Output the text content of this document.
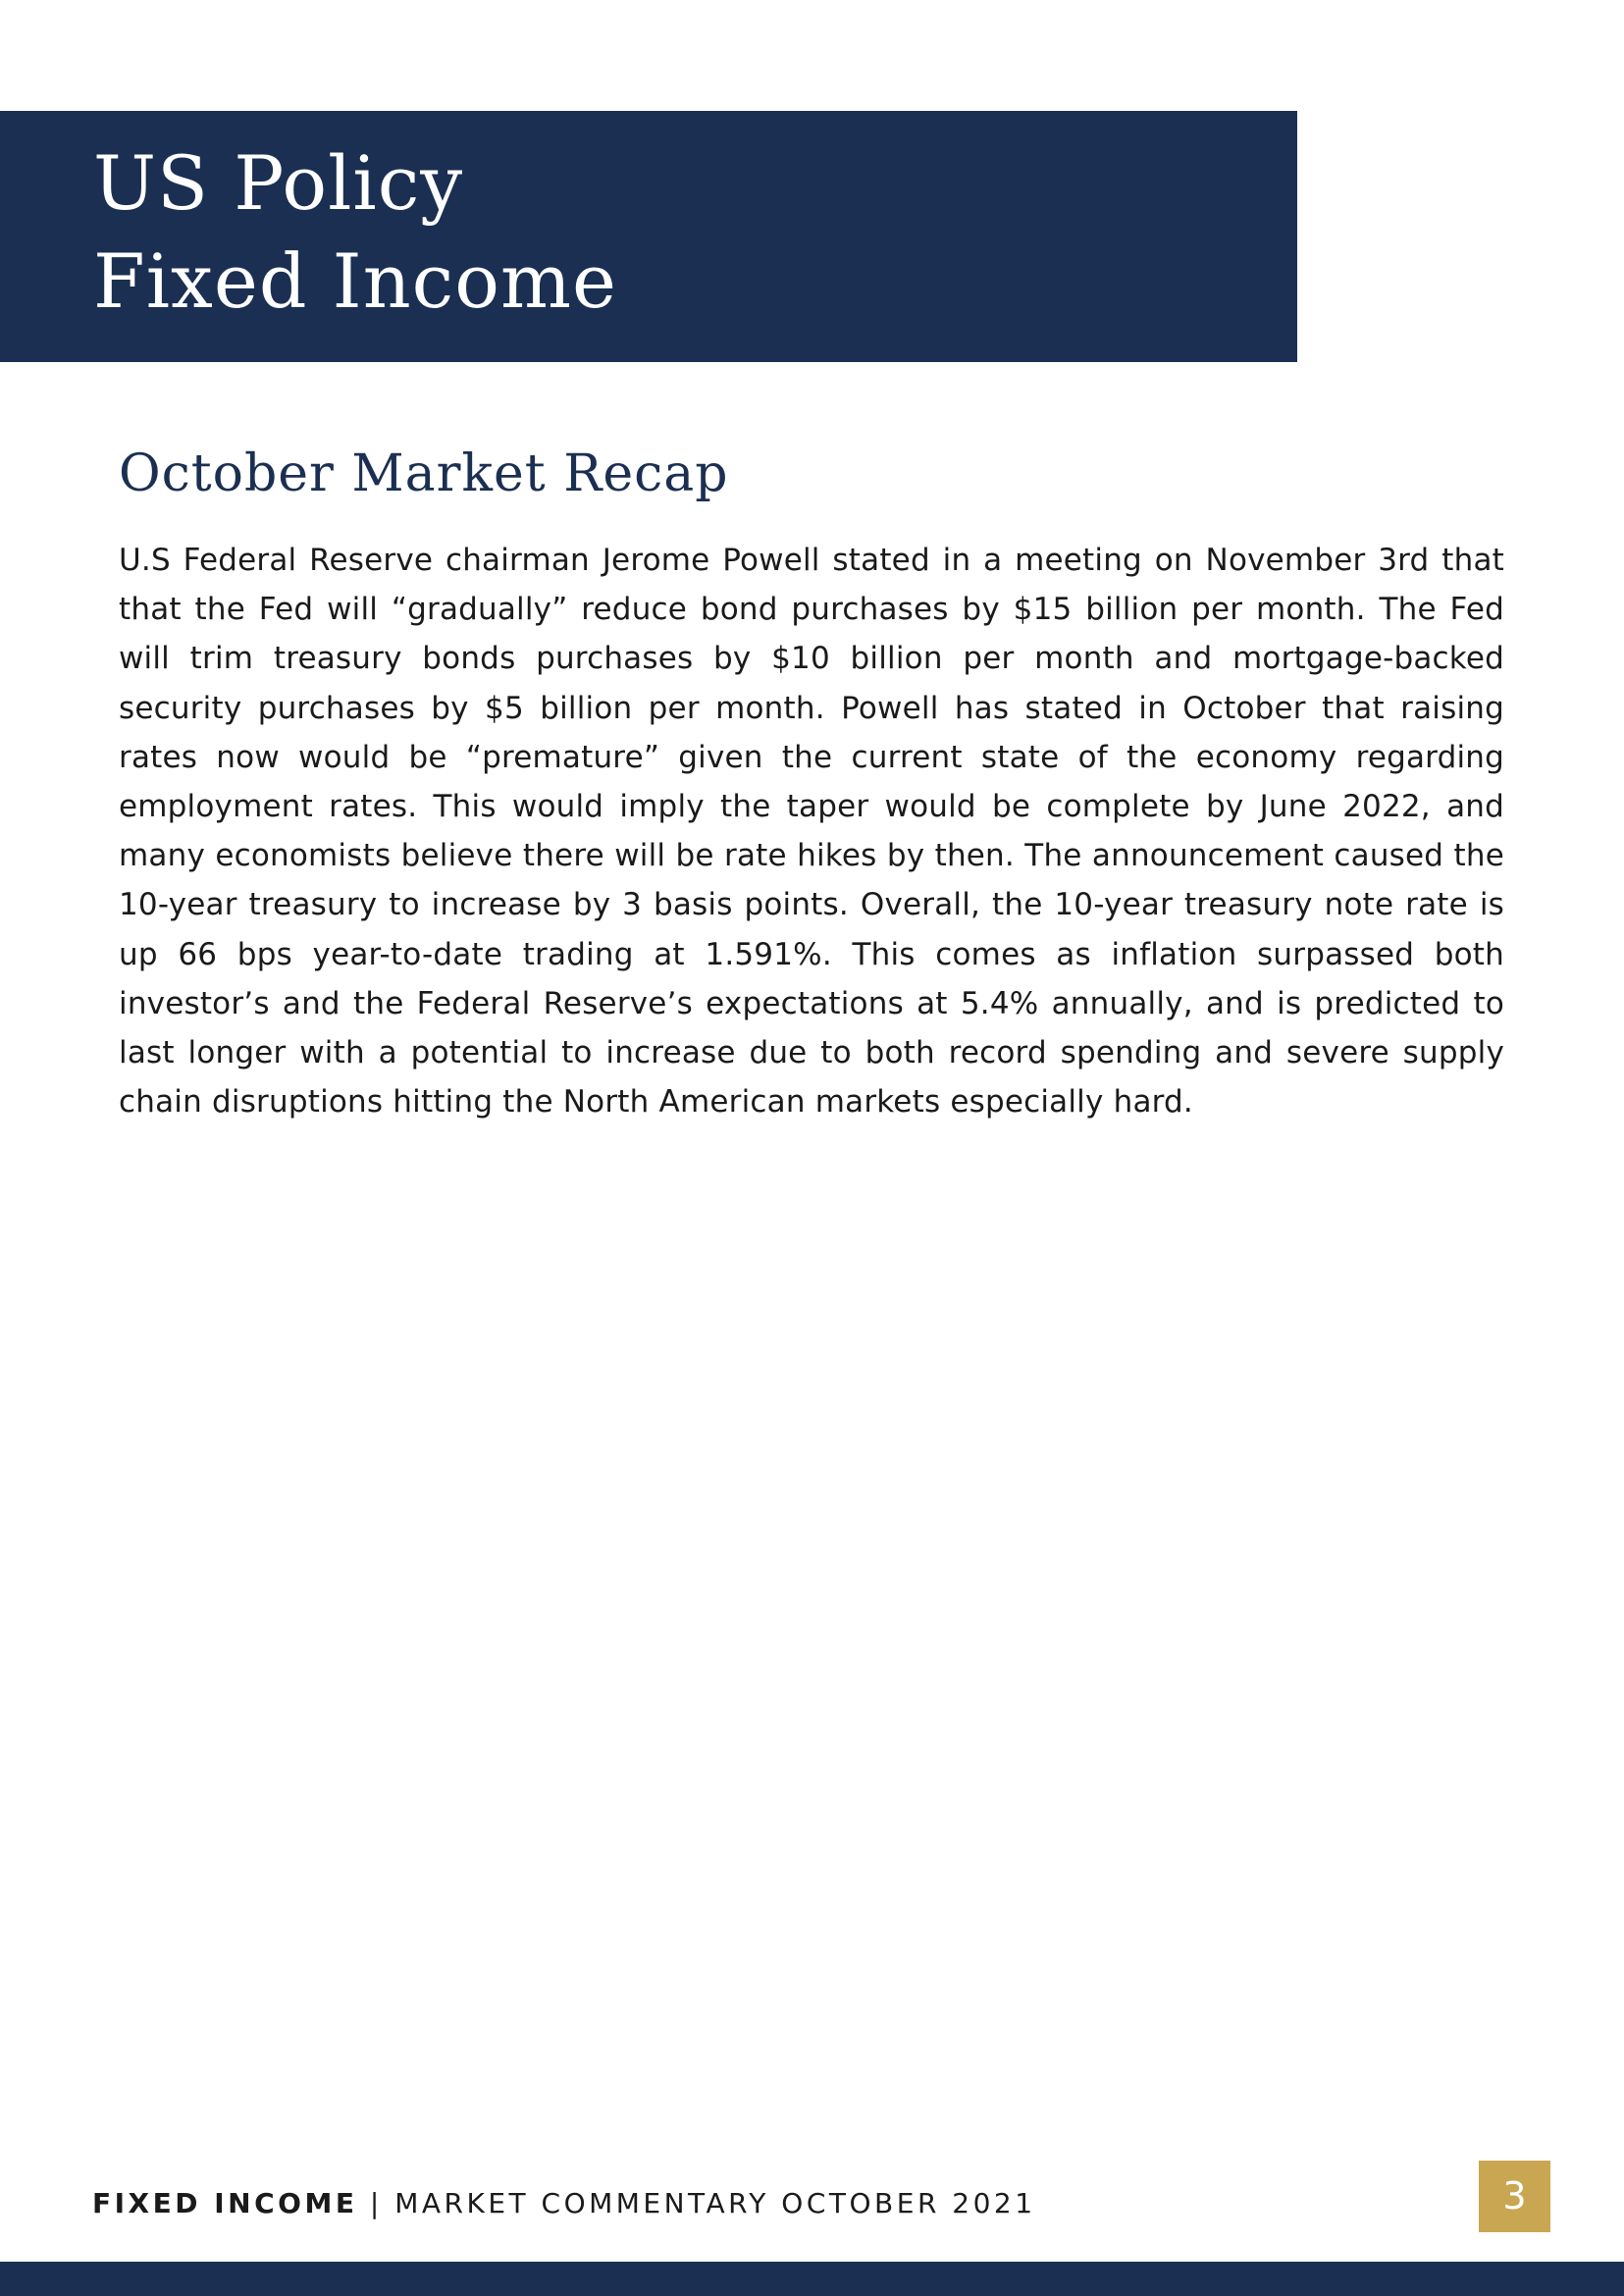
US Policy
Fixed Income
October Market Recap

U.S Federal Reserve chairman Jerome Powell stated in a meeting on November 3rd that that the Fed will “gradually” reduce bond purchases by $15 billion per month. The Fed will trim treasury bonds purchases by $10 billion per month and mortgage-backed security purchases by $5 billion per month. Powell has stated in October that raising rates now would be “premature” given the current state of the economy regarding employment rates. This would imply the taper would be complete by June 2022, and many economists believe there will be rate hikes by then. The announcement caused the 10-year treasury to increase by 3 basis points. Overall, the 10-year treasury note rate is up 66 bps year-to-date trading at 1.591%. This comes as inflation surpassed both investor’s and the Federal Reserve’s expectations at 5.4% annually, and is predicted to last longer with a potential to increase due to both record spending and severe supply chain disruptions hitting the North American markets especially hard.

FIXED INCOME | MARKET COMMENTARY OCTOBER 2021	3
